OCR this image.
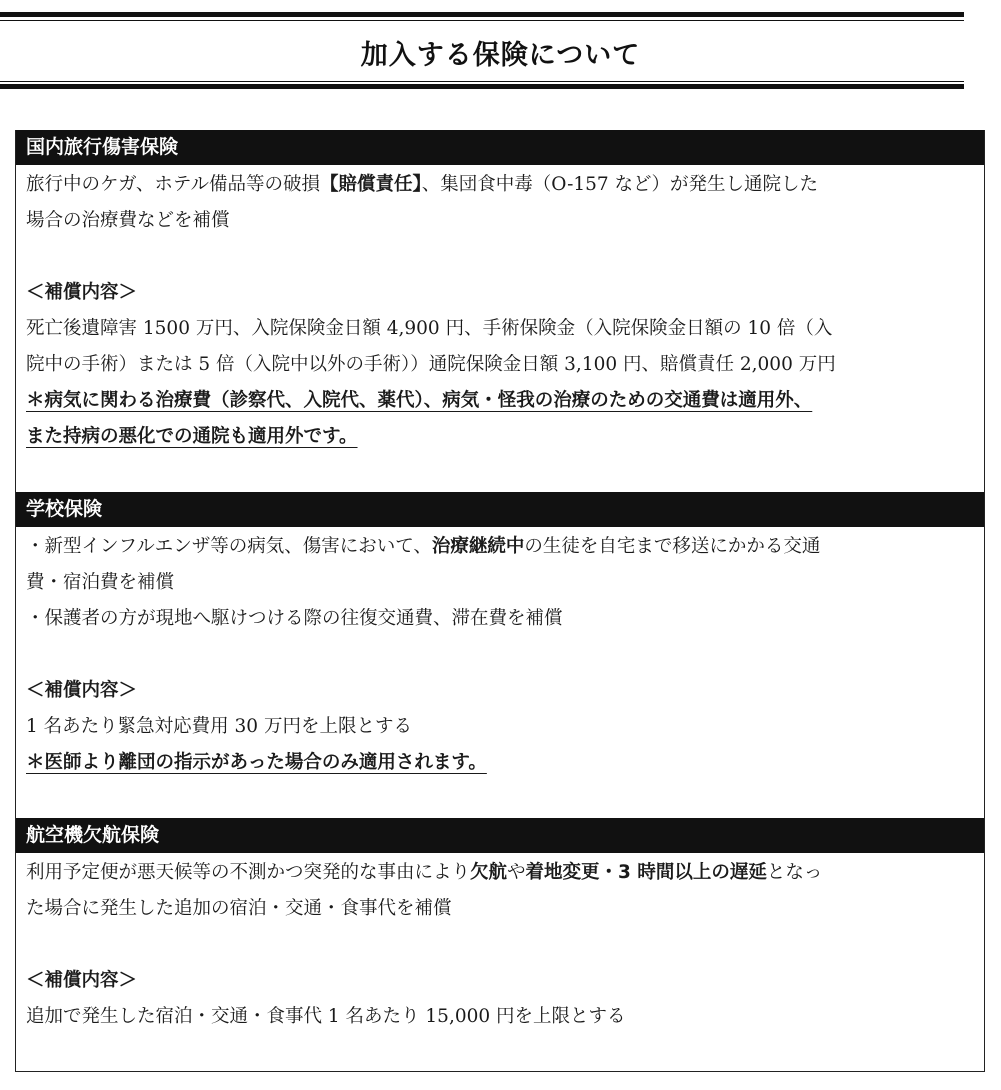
加入する保険について
国内旅行傷害保険
旅行中のケガ、ホテル備品等の破損【賠償責任】、集団食中毒（O-157 など）が発生し通院した
場合の治療費などを補償
＜補償内容＞
死亡後遺障害 1500 万円、入院保険金日額 4,900 円、手術保険金（入院保険金日額の 10 倍（入
院中の手術）または 5 倍（入院中以外の手術））通院保険金日額 3,100 円、賠償責任 2,000 万円
＊病気に関わる治療費（診察代、入院代、薬代）、病気・怪我の治療のための交通費は適用外、
また持病の悪化での通院も適用外です。
学校保険
・新型インフルエンザ等の病気、傷害において、治療継続中の生徒を自宅まで移送にかかる交通
費・宿泊費を補償
・保護者の方が現地へ駆けつける際の往復交通費、滞在費を補償
＜補償内容＞
1 名あたり緊急対応費用 30 万円を上限とする
＊医師より離団の指示があった場合のみ適用されます。
航空機欠航保険
利用予定便が悪天候等の不測かつ突発的な事由により欠航や着地変更・3 時間以上の遅延となっ
た場合に発生した追加の宿泊・交通・食事代を補償
＜補償内容＞
追加で発生した宿泊・交通・食事代 1 名あたり 15,000 円を上限とする
